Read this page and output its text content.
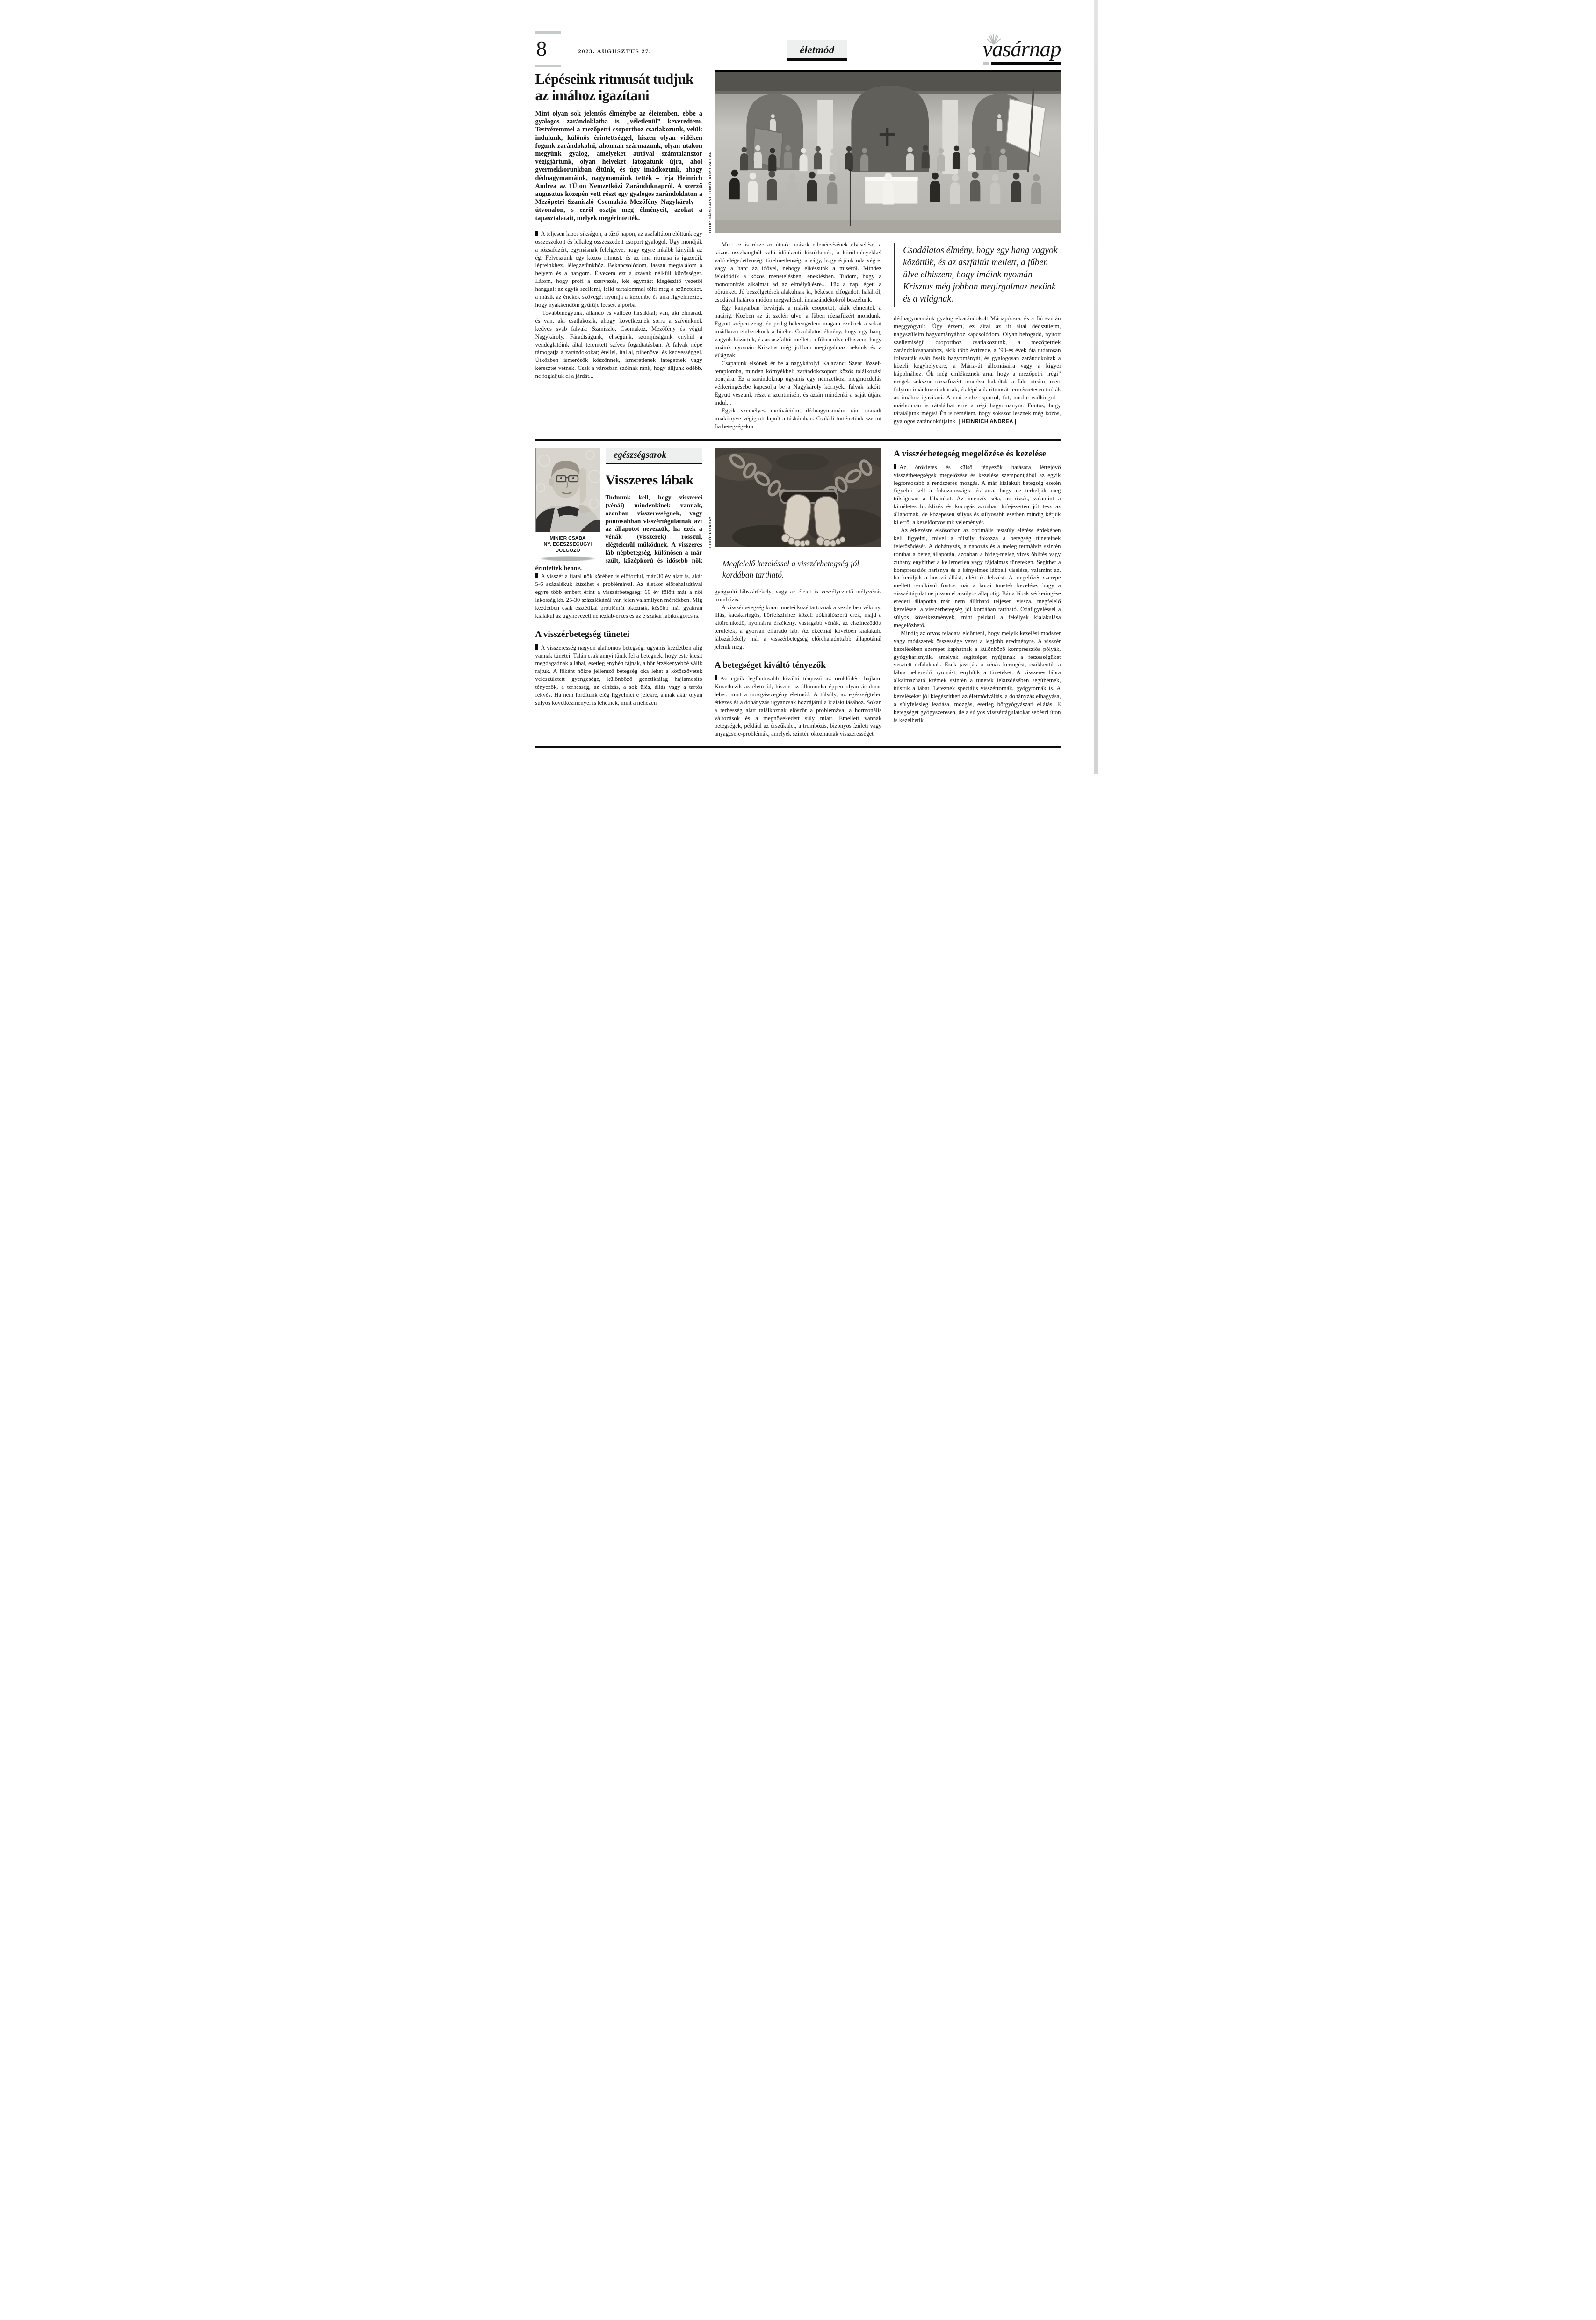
8	2023. AUGUSZTUS 27.	életmód	vasárnap
Lépéseink ritmusát tudjuk az imához igazítani

Mint olyan sok jelentős élménybe az életemben, ebbe a gyalogos zarándoklatba is „véletlenül” keveredtem. Testvéremmel a mezőpetri csoporthoz csatlakozunk, velük indulunk, különös érintettséggel, hiszen olyan vidéken fogunk zarándokolni, ahonnan származunk, olyan utakon megyünk gyalog, amelyeket autóval számtalanszor végigjártunk, olyan helyeket látogatunk újra, ahol gyermekkorunkban éltünk, és úgy imádkozunk, ahogy dédnagymamáink, nagymamáink tették – írja Heinrich Andrea az 1Úton Nemzetközi Zarándoknapról. A szerző augusztus közepén vett részt egy gyalogos zarándoklaton a Mezőpetri–Szaniszló–Csomaköz–Mezőfény–Nagykároly útvonalon, s erről osztja meg élményeit, azokat a tapasztalatait, melyek megérintették.

A teljesen lapos síkságon, a tűző napon, az aszfaltúton előttünk egy összeszokott és lelkileg összeszedett csoport gyalogol. Úgy mondják a rózsafüzért, egymásnak felelgetve, hogy egyre inkább kinyílik az ég. Felveszünk egy közös ritmust, és az ima ritmusa is igazodik lépteinkhez, lélegzetünkhöz. Bekapcsolódom, lassan megtalálom a helyem és a hangom. Élvezem ezt a szavak nélküli közösséget. Látom, hogy profi a szervezés, két egymást kiegészítő vezetői hanggal: az egyik szellemi, lelki tartalommal tölti meg a szüneteket, a másik az énekek szövegét nyomja a kezembe és arra figyelmeztet, hogy nyakkendőm gyűrűje leesett a porba.

Továbbmegyünk, állandó és változó társakkal; van, aki elmarad, és van, aki csatlakozik, ahogy következnek sorra a szívünknek kedves sváb falvak: Szaniszló, Csomaköz, Mezőfény és végül Nagykároly. Fáradtságunk, éhségünk, szomjúságunk enyhül a vendéglátóink által teremtett szíves fogadtatásban. A falvak népe támogatja a zarándokokat; étellel, itallal, pihenővel és kedvességgel. Útközben ismerősök köszönnek, ismeretlenek integetnek vagy keresztet vetnek. Csak a városban szólnak ránk, hogy álljunk odébb, ne foglaljuk el a járdát...

FOTÓ: HÁRSFALVI ILDIKÓ, KOPRIVA ÉVA

Mert ez is része az útnak: mások ellenérzésének elviselése, a közös összhangból való időnkénti kizökkenés, a körülményekkel való elégedetlenség, türelmetlenség, a vágy, hogy érjünk oda végre, vagy a harc az idővel, nehogy elkéssünk a miséről. Mindez feloldódik a közös menetelésben, éneklésben. Tudom, hogy a monotonitás alkalmat ad az elmélyülésre... Tűz a nap, égeti a bőrünket. Jó beszélgetések alakulnak ki, békésen elfogadott halálról, csodával határos módon megvalósult imaszándékokról beszélünk.

Egy kanyarban bevárjuk a másik csoportot, akik elmentek a határig. Közben az út szélén ülve, a fűben rózsafüzért mondunk. Együtt szépen zeng, én pedig beleengedem magam ezeknek a sokat imádkozó embereknek a hitébe. Csodálatos élmény, hogy egy hang vagyok közöttük, és az aszfaltút mellett, a fűben ülve elhiszem, hogy imáink nyomán Krisztus még jobban megirgalmaz nekünk és a világnak.

Csapatunk elsőnek ér be a nagykárolyi Kalazanci Szent József-templomba, minden környékbeli zarándokcsoport közös találkozási pontjára. Ez a zarándoknap ugyanis egy nemzetközi megmozdulás vérkeringésébe kapcsolja be a Nagykároly környéki falvak lakóit. Együtt veszünk részt a szentmisén, és aztán mindenki a saját útjára indul...

Egyik személyes motivációm, dédnagymamám rám maradt imakönyve végig ott lapult a táskámban. Családi történetünk szerint fia betegségekor

Csodálatos élmény, hogy egy hang vagyok közöttük, és az aszfaltút mellett, a fűben ülve elhiszem, hogy imáink nyomán Krisztus még jobban megirgalmaz nekünk és a világnak.

dédnagymamánk gyalog elzarándokolt Máriapócsra, és a fiú ezután meggyógyult. Úgy érzem, ez által az út által dédszüleim, nagyszüleim hagyományához kapcsolódom. Olyan befogadó, nyitott szellemiségű csoporthoz csatlakoztunk, a mezőpetriek zarándokcsapatához, akik több évtizede, a ’90-es évek óta tudatosan folytatták sváb őseik hagyományát, és gyalogosan zarándokoltak a közeli kegyhelyekre, a Mária-út állomásaira vagy a kigyei kápolnához. Ők még emlékeznek arra, hogy a mezőpetri „régi” öregek sokszor rózsafüzért mondva haladtak a falu utcáin, mert folyton imádkozni akartak, és lépéseik ritmusát természetesen tudták az imához igazítani. A mai ember sportol, fut, nordic walkingol – máshonnan is rátalálhat erre a régi hagyományra. Fontos, hogy rátaláljunk mégis! Én is remélem, hogy sokszor lesznek még közös, gyalogos zarándokútjaink. | HEINRICH ANDREA |

MINIER CSABA
NY. EGÉSZSÉGÜGYI DOLGOZÓ
egészségsarok
Visszeres lábak

Tudnunk kell, hogy visszerei (vénái) mindenkinek vannak, azonban visszerességnek, vagy pontosabban visszértágulatnak azt az állapotot nevezzük, ha ezek a vénák (visszerek) rosszul, elégtelenül működnek. A visszeres láb népbetegség, különösen a már szült, középkorú és idősebb nők érintettek benne.

A visszér a fiatal nők körében is előfordul, már 30 év alatt is, akár 5-6 százalékuk küzdhet e problémával. Az életkor előrehaladtával egyre több embert érint a visszérbetegség: 60 év fölött már a női lakosság kb. 25-30 százalékánál van jelen valamilyen mértékben. Míg kezdetben csak esztétikai problémát okoznak, később már gyakran kialakul az úgynevezett nehézláb-érzés és az éjszakai lábikragörcs is.

A visszérbetegség tünetei

A visszeresség nagyon alattomos betegség, ugyanis kezdetben alig vannak tünetei. Talán csak annyi tűnik fel a betegnek, hogy este kicsit megdagadnak a lábai, esetleg enyhén fájnak, a bőr érzékenyebbé válik rajtuk. A főként nőkre jellemző betegség oka lehet a kötőszövetek veleszületett gyengesége, különböző genetikailag hajlamosító tényezők, a terhesség, az elhízás, a sok ülés, állás vagy a tartós fekvés. Ha nem fordítunk elég figyelmet e jelekre, annak akár olyan súlyos következményei is lehetnek, mint a nehezen

FOTÓ: PIXABAY
Megfelelő kezeléssel a visszérbetegség jól kordában tartható.

gyógyuló lábszárfekély, vagy az életet is veszélyeztető mélyvénás trombózis.

A visszérbetegség korai tünetei közé tartoznak a kezdetben vékony, lilás, kacskaringós, bőrfelszínhez közeli pókhálószerű erek, majd a kitüremkedő, nyomásra érzékeny, vastagabb vénák, az elszíneződött területek, a gyorsan elfáradó láb. Az ekcémát követően kialakuló lábszárfekély már a visszérbetegség előrehaladottabb állapotánál jelenik meg.

A betegséget kiváltó tényezők

Az egyik legfontosabb kiváltó tényező az öröklődési hajlam. Következik az életmód, hiszen az állómunka éppen olyan ártalmas lehet, mint a mozgásszegény életmód. A túlsúly, az egészségtelen étkezés és a dohányzás ugyancsak hozzájárul a kialakulásához. Sokan a terhesség alatt találkoznak először a problémával a hormonális változások és a megnövekedett súly miatt. Emellett vannak betegségek, például az érszűkület, a trombózis, bizonyos ízületi vagy anyagcsere-problémák, amelyek szintén okozhatnak visszerességet.

A visszérbetegség megelőzése és kezelése

Az örökletes és külső tényezők hatására létrejövő visszérbetegségek megelőzése és kezelése szempontjából az egyik legfontosabb a rendszeres mozgás. A már kialakult betegség esetén figyelni kell a fokozatosságra és arra, hogy ne terheljük meg túlságosan a lábainkat. Az intenzív séta, az úszás, valamint a kíméletes biciklizés és kocogás azonban kifejezetten jót tesz az állapotnak, de közepesen súlyos és súlyosabb esetben mindig kérjük ki erről a kezelőorvosunk véleményét.

Az étkezésre elsősorban az optimális testsúly elérése érdekében kell figyelni, mivel a túlsúly fokozza a betegség tüneteinek felerősödését. A dohányzás, a napozás és a meleg termálvíz szintén ronthat a beteg állapotán, azonban a hideg-meleg vizes öblítés vagy zuhany enyhíthet a kellemetlen vagy fájdalmas tüneteken. Segíthet a kompressziós harisnya és a kényelmes lábbeli viselése, valamint az, ha kerüljük a hosszú állást, ülést és fekvést. A megelőzés szerepe mellett rendkívül fontos már a korai tünetek kezelése, hogy a visszértágulat ne jusson el a súlyos állapotig. Bár a lábak vérkeringése eredeti állapotba már nem állítható teljesen vissza, megfelelő kezeléssel a visszérbetegség jól kordában tartható. Odafigyeléssel a súlyos következmények, mint például a fekélyek kialakulása megelőzhető.

Mindig az orvos feladata eldönteni, hogy melyik kezelési módszer vagy módszerek összessége vezet a legjobb eredményre. A visszér kezelésében szerepet kaphatnak a különböző kompressziós pólyák, gyógyharisnyák, amelyek segítséget nyújtanak a feszességüket vesztett érfalaknak. Ezek javítják a vénás keringést, csökkentik a lábra nehezedő nyomást, enyhítik a tüneteket. A visszeres lábra alkalmazható krémek szintén a tünetek leküzdésében segíthetnek, hűsítik a lábat. Léteznek speciális visszértornák, gyógytornák is. A kezeléseket jól kiegészítheti az életmódváltás, a dohányzás elhagyása, a súlyfelesleg leadása, mozgás, esetleg bőrgyógyászati ellátás. E betegséget gyógyszeresen, de a súlyos visszértágulatokat sebészi úton is kezelhetik.
